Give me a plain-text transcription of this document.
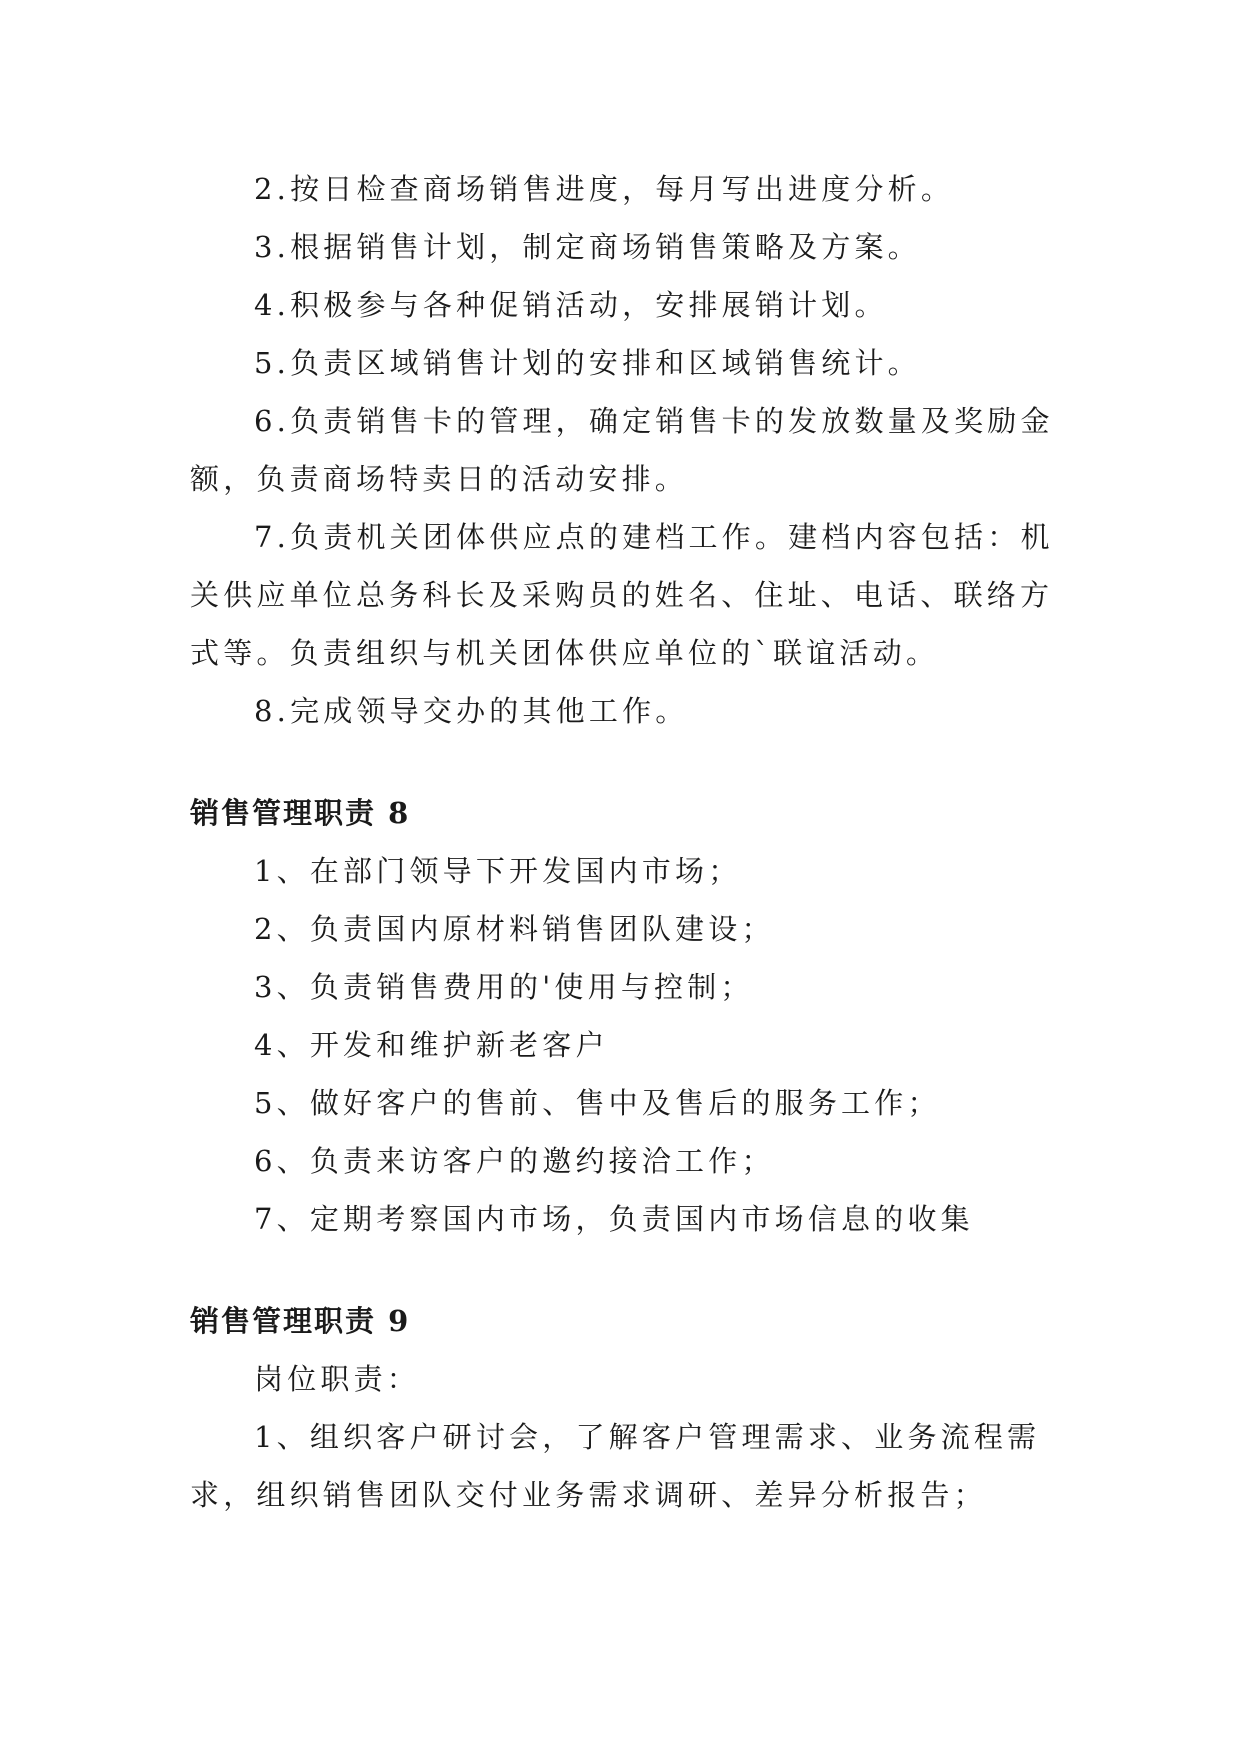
2.按日检查商场销售进度，每月写出进度分析。

3.根据销售计划，制定商场销售策略及方案。

4.积极参与各种促销活动，安排展销计划。

5.负责区域销售计划的安排和区域销售统计。

6.负责销售卡的管理，确定销售卡的发放数量及奖励金额，负责商场特卖日的活动安排。

7.负责机关团体供应点的建档工作。建档内容包括：机关供应单位总务科长及采购员的姓名、住址、电话、联络方式等。负责组织与机关团体供应单位的`联谊活动。

8.完成领导交办的其他工作。

销售管理职责 8

1、在部门领导下开发国内市场；

2、负责国内原材料销售团队建设；

3、负责销售费用的'使用与控制；

4、开发和维护新老客户

5、做好客户的售前、售中及售后的服务工作；

6、负责来访客户的邀约接洽工作；

7、定期考察国内市场，负责国内市场信息的收集

销售管理职责 9

岗位职责：

1、组织客户研讨会，了解客户管理需求、业务流程需求，组织销售团队交付业务需求调研、差异分析报告；
